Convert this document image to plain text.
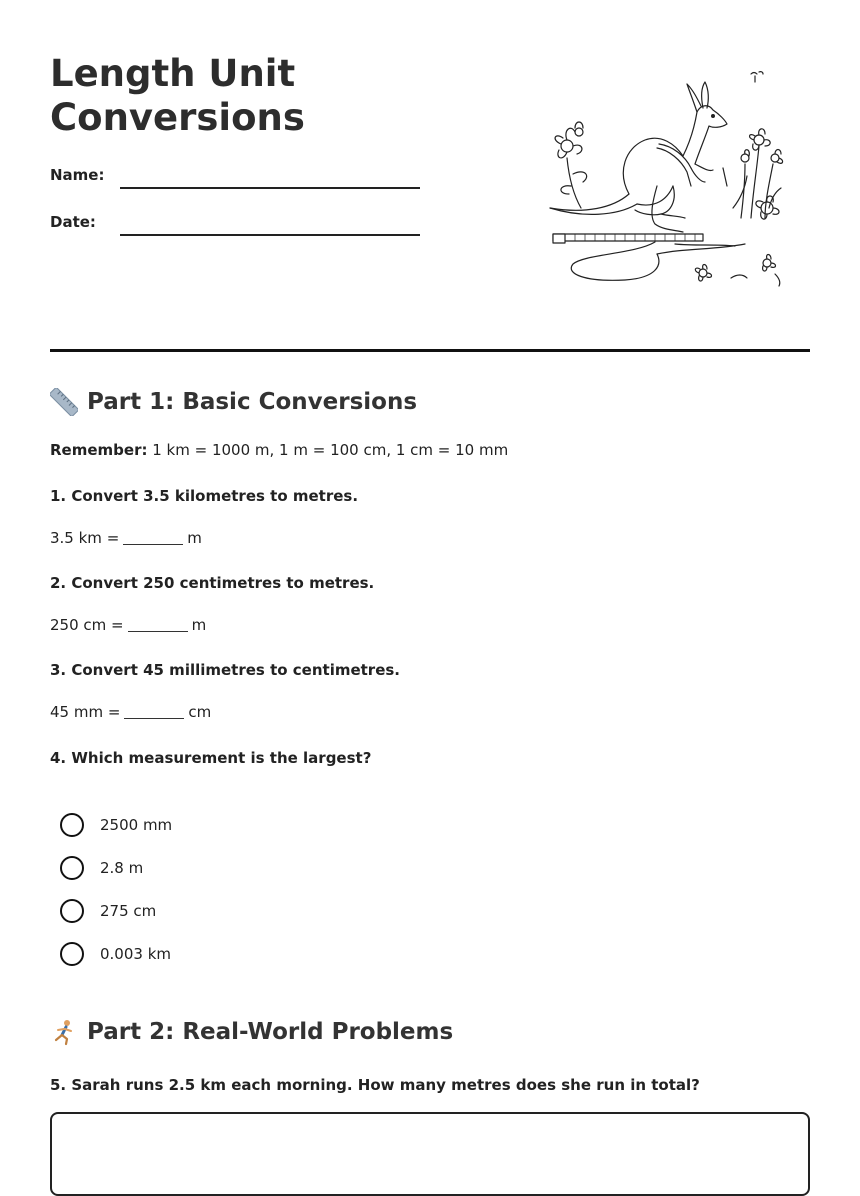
Length Unit Conversions
Name:
Date:
Part 1: Basic Conversions
Remember: 1 km = 1000 m, 1 m = 100 cm, 1 cm = 10 mm
1. Convert 3.5 kilometres to metres.
3.5 km =	m
2. Convert 250 centimetres to metres.
250 cm =	m
3. Convert 45 millimetres to centimetres.
45 mm =	cm
4. Which measurement is the largest?
2500 mm
2.8 m
275 cm
0.003 km
Part 2: Real-World Problems
5. Sarah runs 2.5 km each morning. How many metres does she run in total?
